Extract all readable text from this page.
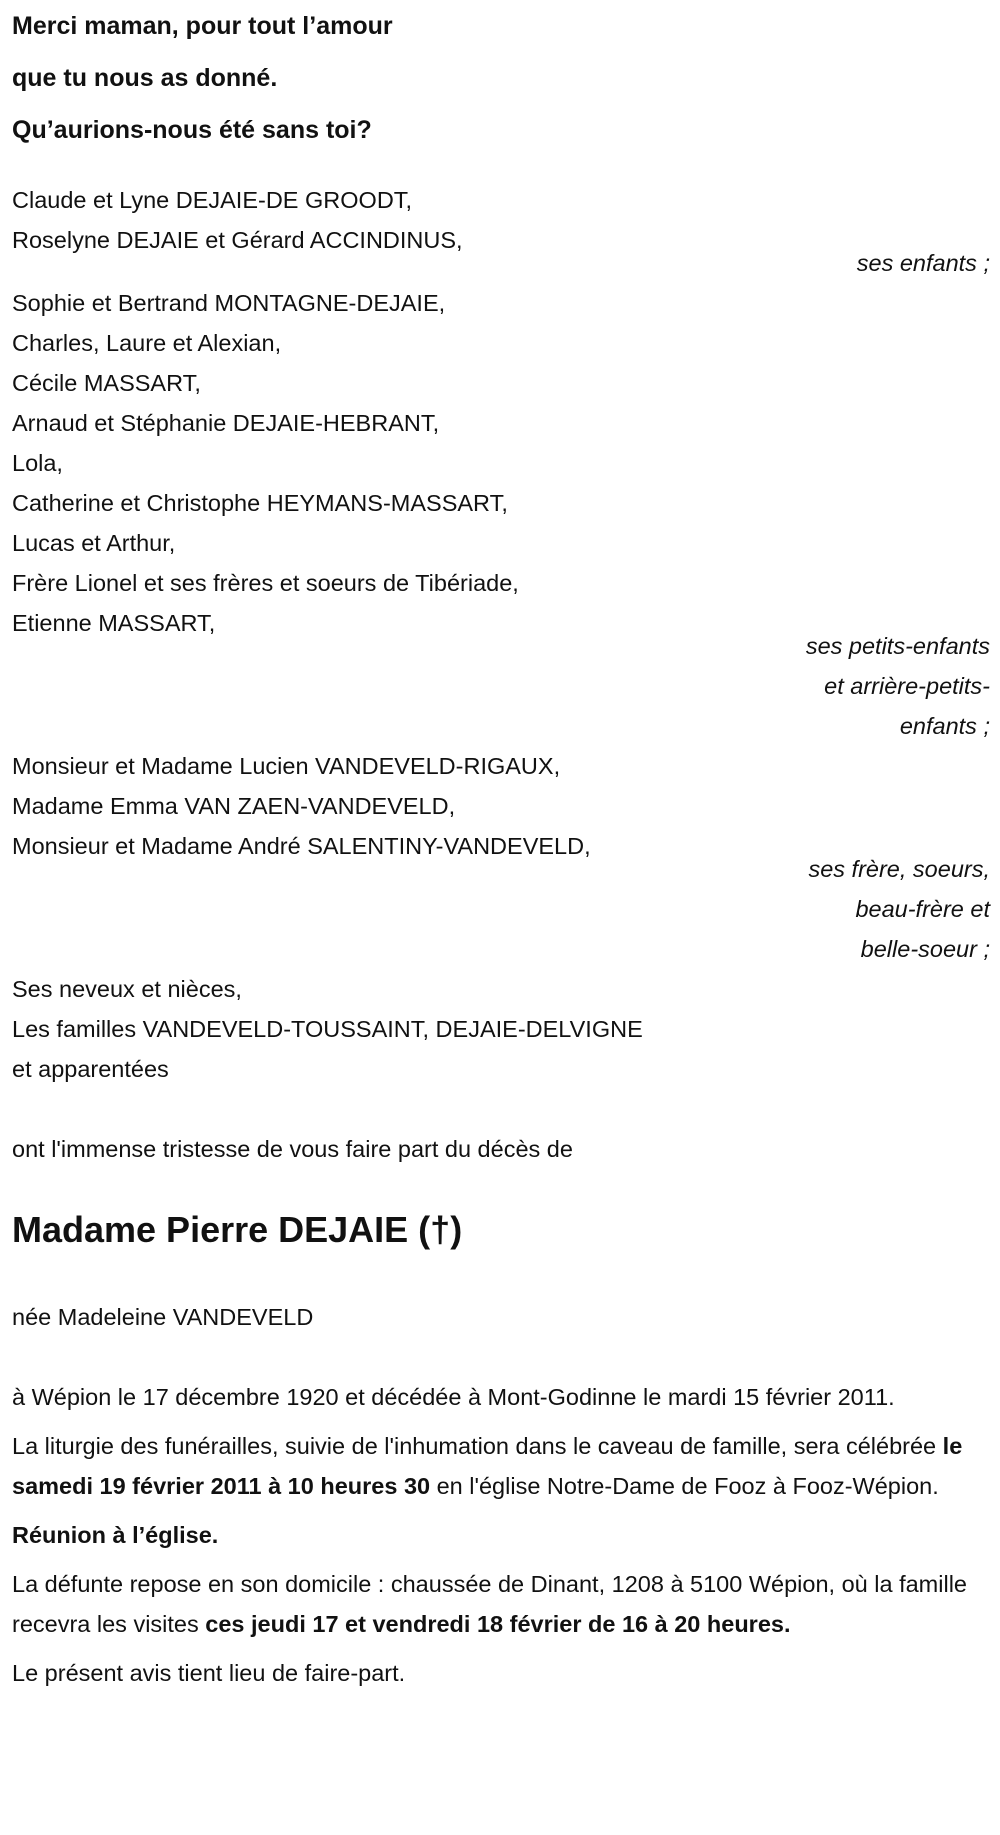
Merci maman, pour tout l’amour
que tu nous as donné.
Qu’aurions-nous été sans toi?
Claude et Lyne DEJAIE-DE GROODT,
Roselyne DEJAIE et Gérard ACCINDINUS,
ses enfants ;
Sophie et Bertrand MONTAGNE-DEJAIE,
Charles, Laure et Alexian,
Cécile MASSART,
Arnaud et Stéphanie DEJAIE-HEBRANT,
Lola,
Catherine et Christophe HEYMANS-MASSART,
Lucas et Arthur,
Frère Lionel et ses frères et soeurs de Tibériade,
Etienne MASSART,
ses petits-enfants
et arrière-petits-
enfants ;
Monsieur et Madame Lucien VANDEVELD-RIGAUX,
Madame Emma VAN ZAEN-VANDEVELD,
Monsieur et Madame André SALENTINY-VANDEVELD,
ses frère, soeurs,
beau-frère et
belle-soeur ;
Ses neveux et nièces,
Les familles VANDEVELD-TOUSSAINT, DEJAIE-DELVIGNE
et apparentées
ont l'immense tristesse de vous faire part du décès de
Madame Pierre DEJAIE (†)
née Madeleine VANDEVELD

à Wépion le 17 décembre 1920 et décédée à Mont-Godinne le mardi 15 février 2011.

La liturgie des funérailles, suivie de l'inhumation dans le caveau de famille, sera célébrée le samedi 19 février 2011 à 10 heures 30 en l'église Notre-Dame de Fooz à Fooz-Wépion.

Réunion à l’église.

La défunte repose en son domicile : chaussée de Dinant, 1208 à 5100 Wépion, où la famille recevra les visites ces jeudi 17 et vendredi 18 février de 16 à 20 heures.

Le présent avis tient lieu de faire-part.
